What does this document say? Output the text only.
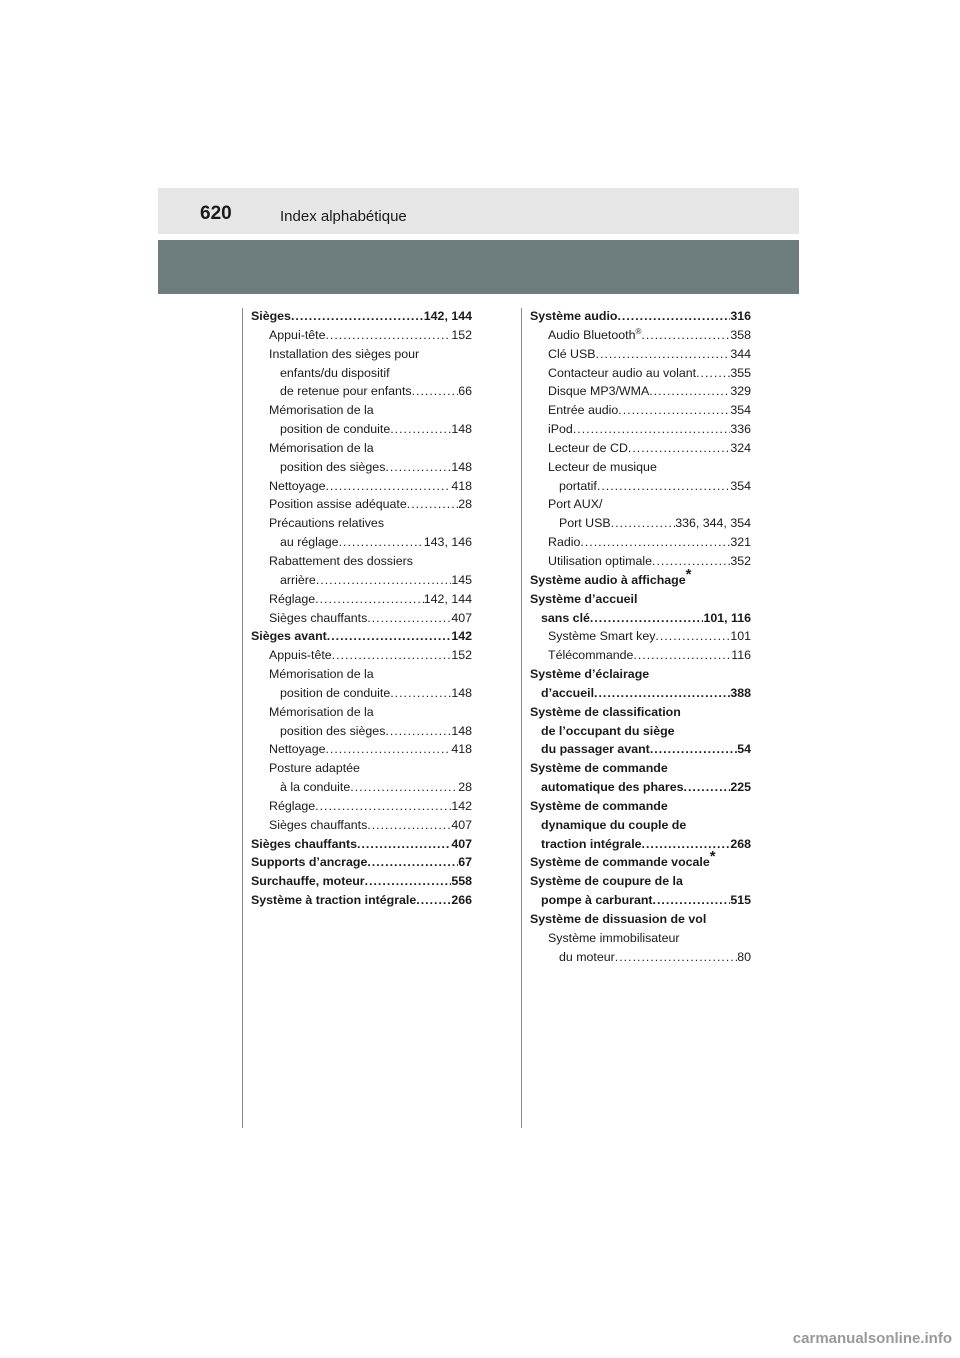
620	Index alphabétique
Sièges .....	142, 144
Appui-tête .....	152
Installation des sièges pour
enfants/du dispositif
de retenue pour enfants .....	66
Mémorisation de la
position de conduite .....	148
Mémorisation de la
position des sièges .....	148
Nettoyage .....	418
Position assise adéquate .....	28
Précautions relatives
au réglage .....	143, 146
Rabattement des dossiers
arrière .....	145
Réglage .....	142, 144
Sièges chauffants .....	407
Sièges avant .....	142
Appuis-tête .....	152
Mémorisation de la
position de conduite .....	148
Mémorisation de la
position des sièges .....	148
Nettoyage .....	418
Posture adaptée
à la conduite .....	28
Réglage .....	142
Sièges chauffants .....	407
Sièges chauffants .....	407
Supports d’ancrage .....	67
Surchauffe, moteur .....	558
Système à traction intégrale .....	266
Système audio .....	316
Audio Bluetooth® .....	358
Clé USB .....	344
Contacteur audio au volant .....	355
Disque MP3/WMA .....	329
Entrée audio .....	354
iPod .....	336
Lecteur de CD .....	324
Lecteur de musique
portatif .....	354
Port AUX/
Port USB .....	336, 344, 354
Radio .....	321
Utilisation optimale .....	352
Système audio à affichage*
Système d’accueil
sans clé .....	101, 116
Système Smart key .....	101
Télécommande .....	116
Système d’éclairage
d’accueil .....	388
Système de classification
de l’occupant du siège
du passager avant .....	54
Système de commande
automatique des phares .....	225
Système de commande
dynamique du couple de
traction intégrale .....	268
Système de commande vocale*
Système de coupure de la
pompe à carburant .....	515
Système de dissuasion de vol
Système immobilisateur
du moteur .....	80
carmanualsonline.info
